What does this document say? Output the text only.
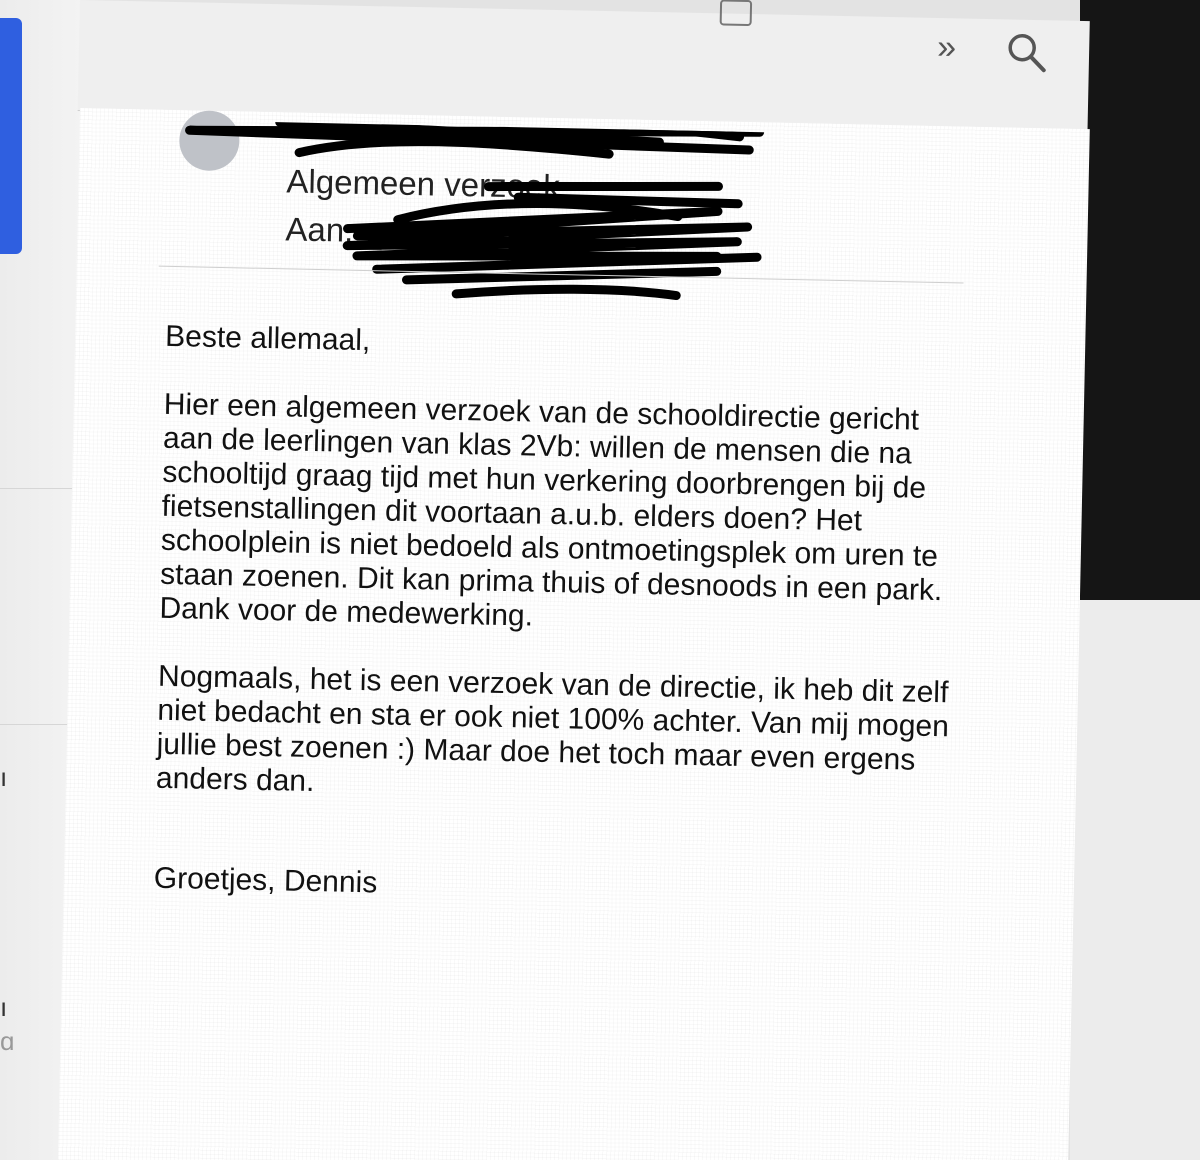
ı
ı
ɑ
»
Algemeen verzoek
Aan:

Beste allemaal,

Hier een algemeen verzoek van de schooldirectie gericht aan de leerlingen van klas 2Vb: willen de mensen die na schooltijd graag tijd met hun verkering doorbrengen bij de fietsenstallingen dit voortaan a.u.b. elders doen? Het schoolplein is niet bedoeld als ontmoetingsplek om uren te staan zoenen. Dit kan prima thuis of desnoods in een park. Dank voor de medewerking.

Nogmaals, het is een verzoek van de directie, ik heb dit zelf niet bedacht en sta er ook niet 100% achter. Van mij mogen jullie best zoenen :) Maar doe het toch maar even ergens anders dan.

Groetjes, Dennis
